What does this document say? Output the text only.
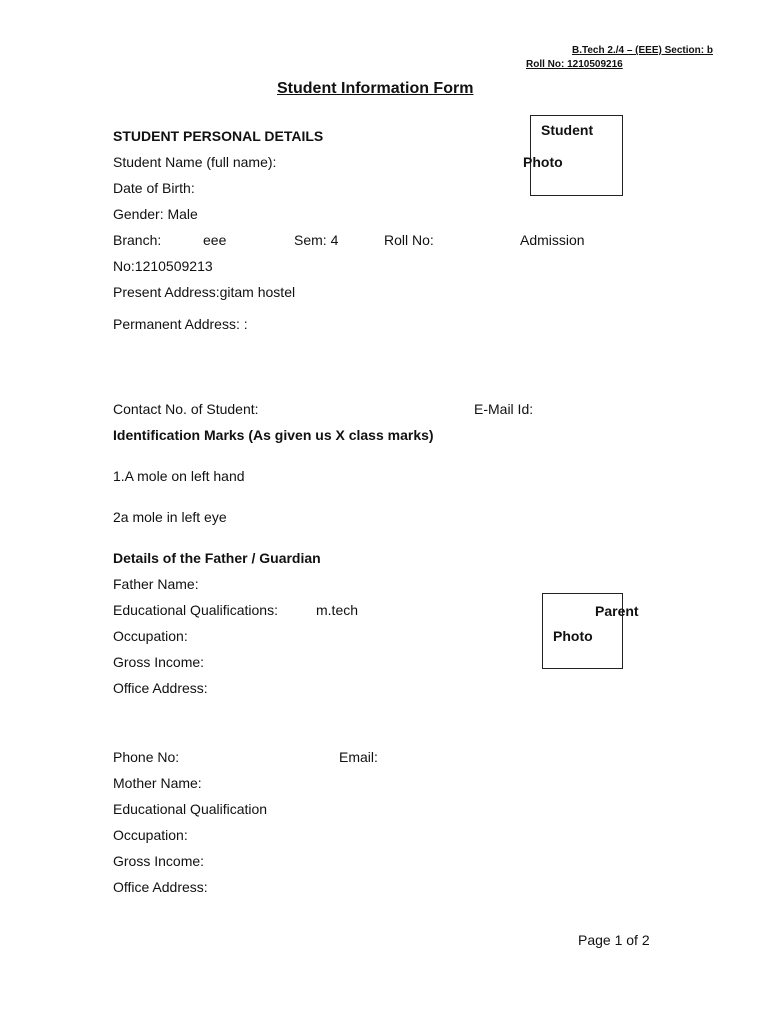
B.Tech 2./4 – (EEE) Section: b
Roll No: 1210509216
Student Information Form
Student
Photo
STUDENT PERSONAL DETAILS
Student Name (full name):
Date of Birth:
Gender: Male
Branch:	eee	Sem: 4	Roll No:	Admission
No:1210509213
Present Address:gitam hostel
Permanent Address: :
Contact No. of Student:	E-Mail Id:
Identification Marks (As given us X class marks)
1.A mole on left hand
2a mole in left eye
Details of the Father / Guardian
Father Name:
Educational Qualifications:	m.tech	Parent
Photo
Occupation:
Gross Income:
Office Address:
Phone No:	Email:
Mother Name:
Educational Qualification
Occupation:
Gross Income:
Office Address:
Page 1 of 2
